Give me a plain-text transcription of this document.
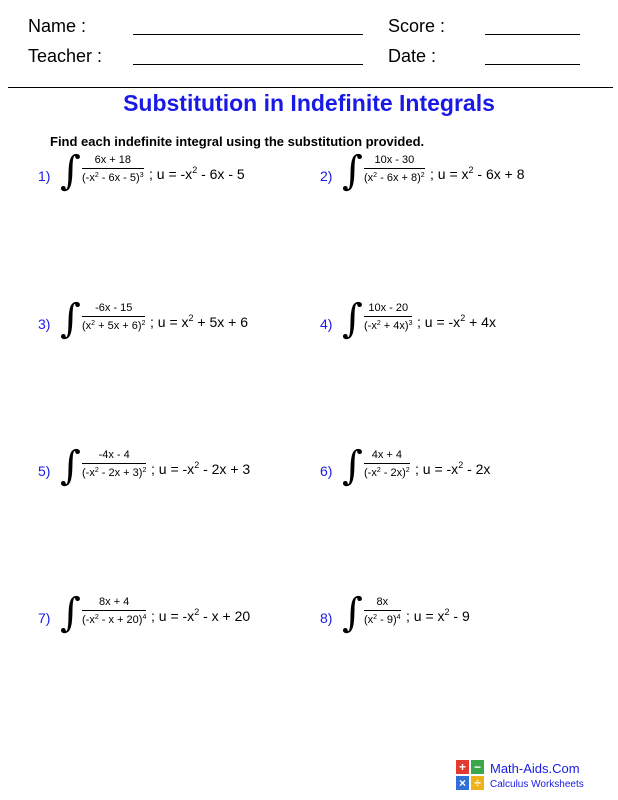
Name :	Score :
Teacher :	Date :
Substitution in Indefinite Integrals
Find each indefinite integral using the substitution provided.
1) ∫ $\frac{6x + 18}{(-x^2 - 6x - 5)^3}$ ; $u = -x^2 - 6x - 5$	2) ∫ $\frac{10x - 30}{(x^2 - 6x + 8)^2}$ ; $u = x^2 - 6x + 8$
3) ∫ $\frac{-6x - 15}{(x^2 + 5x + 6)^2}$ ; $u = x^2 + 5x + 6$	4) ∫ $\frac{10x - 20}{(-x^2 + 4x)^3}$ ; $u = -x^2 + 4x$
5) ∫ $\frac{-4x - 4}{(-x^2 - 2x + 3)^2}$ ; $u = -x^2 - 2x + 3$	6) ∫ $\frac{4x + 4}{(-x^2 - 2x)^2}$ ; $u = -x^2 - 2x$
7) ∫ $\frac{8x + 4}{(-x^2 - x + 20)^4}$ ; $u = -x^2 - x + 20$	8) ∫ $\frac{8x}{(x^2 - 9)^4}$ ; $u = x^2 - 9$
+ −
× ÷
Math-Aids.Com
Calculus Worksheets
